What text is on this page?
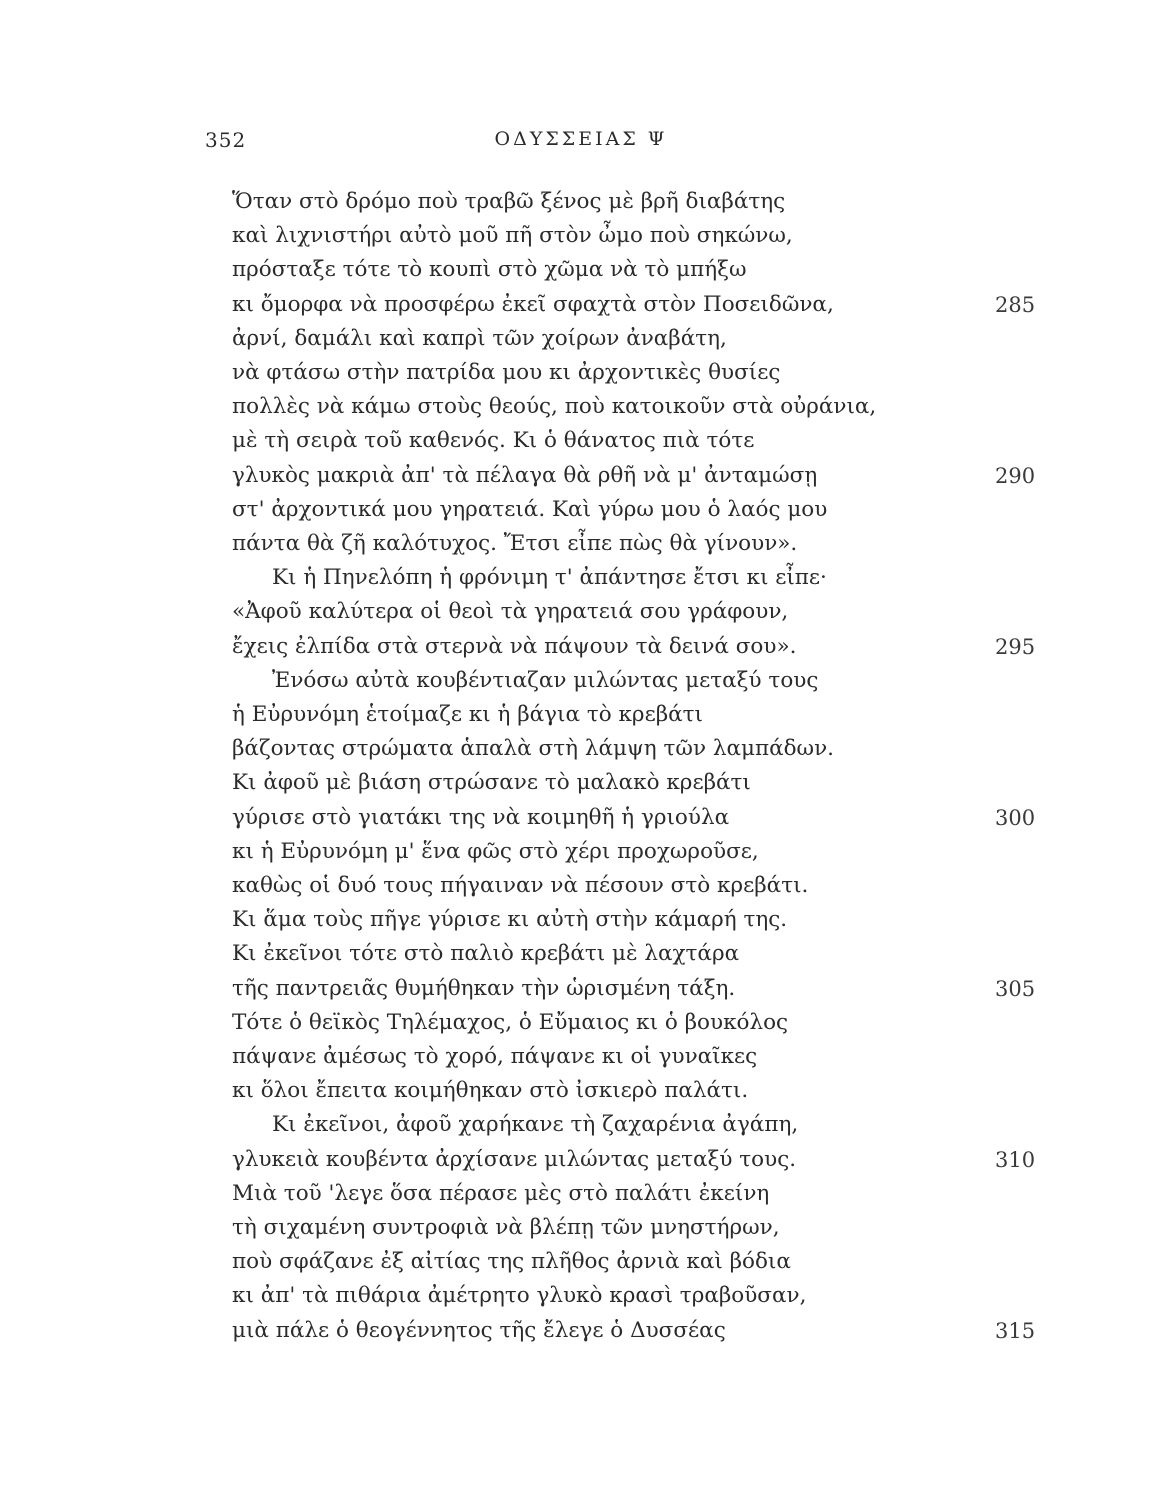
352	ΟΔΥΣΣΕΙΑΣ Ψ
Ὅταν στὸ δρόμο ποὺ τραβῶ ξένος μὲ βρῆ διαβάτης
καὶ λιχνιστήρι αὐτὸ μοῦ πῆ στὸν ὦμο ποὺ σηκώνω,
πρόσταξε τότε τὸ κουπὶ στὸ χῶμα νὰ τὸ μπήξω
κι ὄμορφα νὰ προσφέρω ἐκεῖ σφαχτὰ στὸν Ποσειδῶνα,	285
ἀρνί, δαμάλι καὶ καπρὶ τῶν χοίρων ἀναβάτη,
νὰ φτάσω στὴν πατρίδα μου κι ἀρχοντικὲς θυσίες
πολλὲς νὰ κάμω στοὺς θεούς, ποὺ κατοικοῦν στὰ οὐράνια,
μὲ τὴ σειρὰ τοῦ καθενός. Κι ὁ θάνατος πιὰ τότε
γλυκὸς μακριὰ ἀπ' τὰ πέλαγα θὰ ρθῆ νὰ μ' ἀνταμώσῃ	290
στ' ἀρχοντικά μου γηρατειά. Καὶ γύρω μου ὁ λαός μου
πάντα θὰ ζῆ καλότυχος. Ἔτσι εἶπε πὼς θὰ γίνουν».
Κι ἡ Πηνελόπη ἡ φρόνιμη τ' ἀπάντησε ἔτσι κι εἶπε·
«Ἀφοῦ καλύτερα οἱ θεοὶ τὰ γηρατειά σου γράφουν,
ἔχεις ἐλπίδα στὰ στερνὰ νὰ πάψουν τὰ δεινά σου».	295
Ἐνόσω αὐτὰ κουβέντιαζαν μιλώντας μεταξύ τους
ἡ Εὐρυνόμη ἑτοίμαζε κι ἡ βάγια τὸ κρεβάτι
βάζοντας στρώματα ἁπαλὰ στὴ λάμψη τῶν λαμπάδων.
Κι ἀφοῦ μὲ βιάση στρώσανε τὸ μαλακὸ κρεβάτι
γύρισε στὸ γιατάκι της νὰ κοιμηθῆ ἡ γριούλα	300
κι ἡ Εὐρυνόμη μ' ἕνα φῶς στὸ χέρι προχωροῦσε,
καθὼς οἱ δυό τους πήγαιναν νὰ πέσουν στὸ κρεβάτι.
Κι ἅμα τοὺς πῆγε γύρισε κι αὐτὴ στὴν κάμαρή της.
Κι ἐκεῖνοι τότε στὸ παλιὸ κρεβάτι μὲ λαχτάρα
τῆς παντρειᾶς θυμήθηκαν τὴν ὡρισμένη τάξη.	305
Τότε ὁ θεϊκὸς Τηλέμαχος, ὁ Εὔμαιος κι ὁ βουκόλος
πάψανε ἀμέσως τὸ χορό, πάψανε κι οἱ γυναῖκες
κι ὅλοι ἔπειτα κοιμήθηκαν στὸ ἰσκιερὸ παλάτι.
Κι ἐκεῖνοι, ἀφοῦ χαρήκανε τὴ ζαχαρένια ἀγάπη,
γλυκειὰ κουβέντα ἀρχίσανε μιλώντας μεταξύ τους.	310
Μιὰ τοῦ 'λεγε ὅσα πέρασε μὲς στὸ παλάτι ἐκείνη
τὴ σιχαμένη συντροφιὰ νὰ βλέπῃ τῶν μνηστήρων,
ποὺ σφάζανε ἐξ αἰτίας της πλῆθος ἀρνιὰ καὶ βόδια
κι ἀπ' τὰ πιθάρια ἀμέτρητο γλυκὸ κρασὶ τραβοῦσαν,
μιὰ πάλε ὁ θεογέννητος τῆς ἔλεγε ὁ Δυσσέας	315
